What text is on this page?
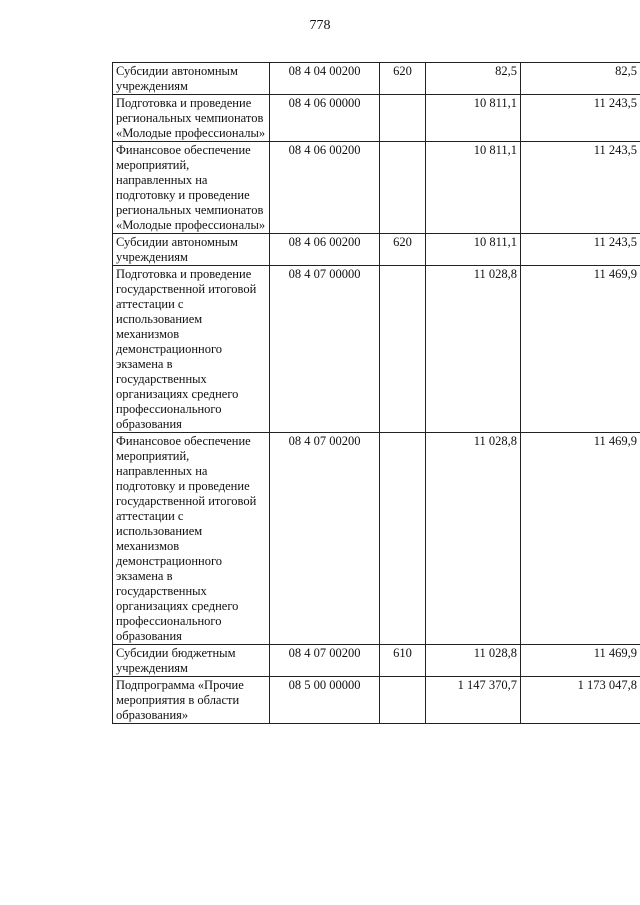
778
Субсидии автономным учреждениям	08 4 04 00200	620	82,5	82,5
Подготовка и проведение региональных чемпионатов «Молодые профессионалы»	08 4 06 00000		10 811,1	11 243,5
Финансовое обеспечение мероприятий, направленных на подготовку и проведение региональных чемпионатов «Молодые профессионалы»	08 4 06 00200		10 811,1	11 243,5
Субсидии автономным учреждениям	08 4 06 00200	620	10 811,1	11 243,5
Подготовка и проведение государственной итоговой аттестации с использованием механизмов демонстрационного экзамена в государственных организациях среднего профессионального образования	08 4 07 00000		11 028,8	11 469,9
Финансовое обеспечение мероприятий, направленных на подготовку и проведение государственной итоговой аттестации с использованием механизмов демонстрационного экзамена в государственных организациях среднего профессионального образования	08 4 07 00200		11 028,8	11 469,9
Субсидии бюджетным учреждениям	08 4 07 00200	610	11 028,8	11 469,9
Подпрограмма «Прочие мероприятия в области образования»	08 5 00 00000		1 147 370,7	1 173 047,8
